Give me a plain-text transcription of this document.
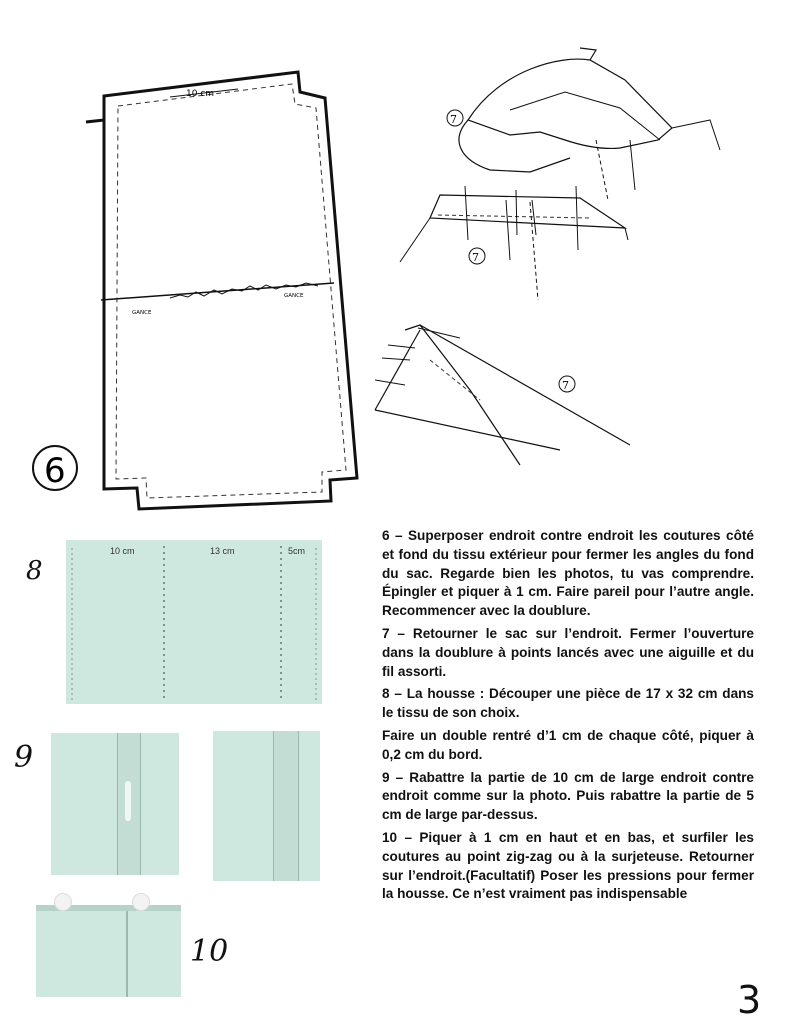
10 cm
GANCE
GANCE
6
7
7
7
8
10 cm	13 cm	5cm
9
10

6 – Superposer endroit contre endroit les coutures côté et fond du tissu extérieur pour fermer les angles du fond du sac. Regarde bien les photos, tu vas comprendre. Épingler et piquer à 1 cm. Faire pareil pour l’autre angle. Recommencer avec la doublure.

7 – Retourner le sac sur l’endroit. Fermer l’ouverture dans la doublure à points lancés avec une aiguille et du fil assorti.

8 – La housse : Découper une pièce de 17 x 32 cm dans le tissu de son choix.

Faire un double rentré d’1 cm de chaque côté, piquer à 0,2 cm du bord.

9 – Rabattre la partie de 10 cm de large endroit contre endroit comme sur la photo. Puis rabattre la partie de 5 cm de large par-dessus.

10 – Piquer à 1 cm en haut et en bas, et surfiler les coutures au point zig-zag ou à la surjeteuse. Retourner sur l’endroit.(Facultatif) Poser les pressions pour fermer la housse. Ce n’est vraiment pas indispensable

3
